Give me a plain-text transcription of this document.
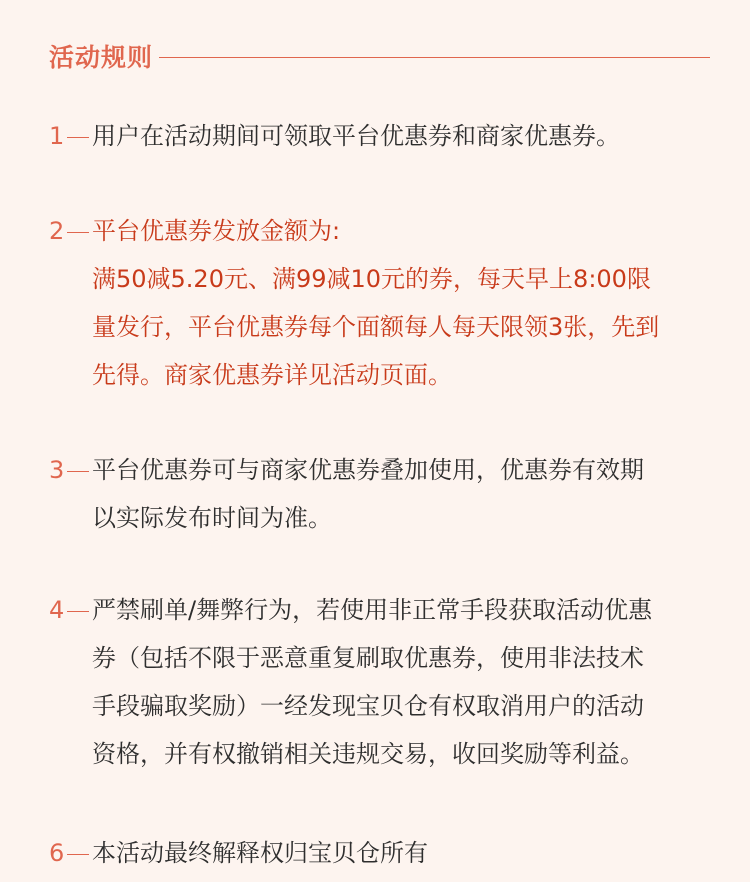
活动规则
1 用户在活动期间可领取平台优惠券和商家优惠券。

2 平台优惠券发放金额为:

满50减5.20元、满99减10元的券，每天早上8:00限

量发行，平台优惠券每个面额每人每天限领3张，先到

先得。商家优惠券详见活动页面。

3 平台优惠券可与商家优惠券叠加使用，优惠券有效期

以实际发布时间为准。

4 严禁刷单/舞弊行为，若使用非正常手段获取活动优惠

券（包括不限于恶意重复刷取优惠券，使用非法技术

手段骗取奖励）一经发现宝贝仓有权取消用户的活动

资格，并有权撤销相关违规交易，收回奖励等利益。

6 本活动最终解释权归宝贝仓所有
